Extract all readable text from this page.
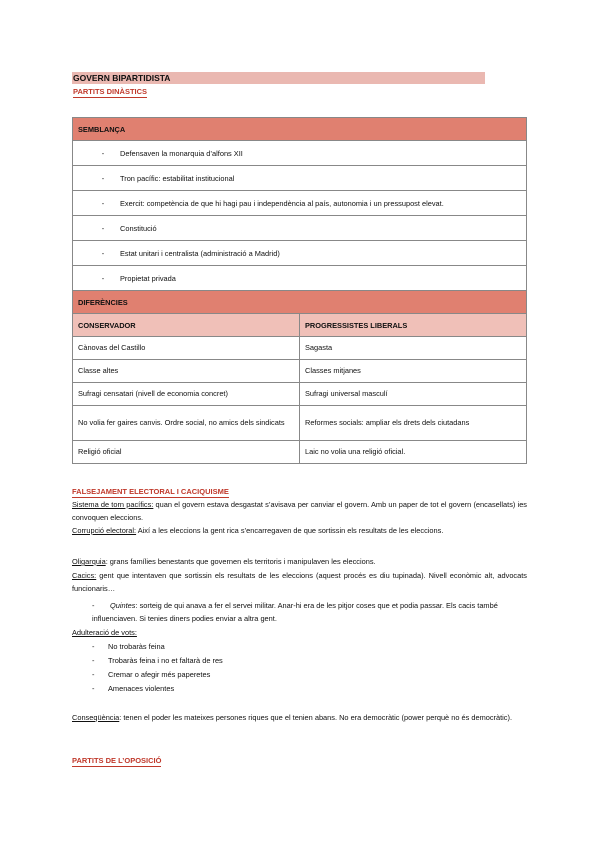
GOVERN BIPARTIDISTA
PARTITS DINÀSTICS
SEMBLANÇA	
- Defensaven la monarquia d’alfons XII	
- Tron pacífic: estabilitat institucional	
- Exercit: competència de que hi hagi pau i independència al país, autonomia i un pressupost elevat.	
- Constitució	
- Estat unitari i centralista (administració a Madrid)	
- Propietat privada	
DIFERÈNCIES	
CONSERVADOR	PROGRESSISTES LIBERALS
Cànovas del Castillo	Sagasta
Classe altes	Classes mitjanes
Sufragi censatari (nivell de economia concret)	Sufragi universal masculí
No volia fer gaires canvis. Ordre social, no amics dels sindicats	Reformes socials: ampliar els drets dels ciutadans
Religió oficial	Laic no volia una religió oficial.
FALSEJAMENT ELECTORAL I CACIQUISME
Sistema de torn pacífics: quan el govern estava desgastat s’avisava per canviar el govern. Amb un paper de tot el govern (encasellats) ies convoquen eleccions.
Corrupció electoral: Així a les eleccions la gent rica s’encarregaven de que sortissin els resultats de les eleccions.
Oligarquia: grans famílies benestants que governen els territoris i manipulaven les eleccions.
Cacics: gent que intentaven que sortissin els resultats de les eleccions (aquest procés es diu tupinada). Nivell econòmic alt, advocats funcionaris…
- Quintes: sorteig de qui anava a fer el servei militar. Anar-hi era de les pitjor coses que et podia passar. Els cacis també influenciaven. Si tenies diners podies enviar a altra gent.
Adulteració de vots:
- No trobaràs feina
- Trobaràs feina i no et faltarà de res
- Cremar o afegir més paperetes
- Amenaces violentes
Conseqüència: tenen el poder les mateixes persones riques que el tenien abans. No era democràtic (power perquè no és democràtic).
PARTITS DE L’OPOSICIÓ
